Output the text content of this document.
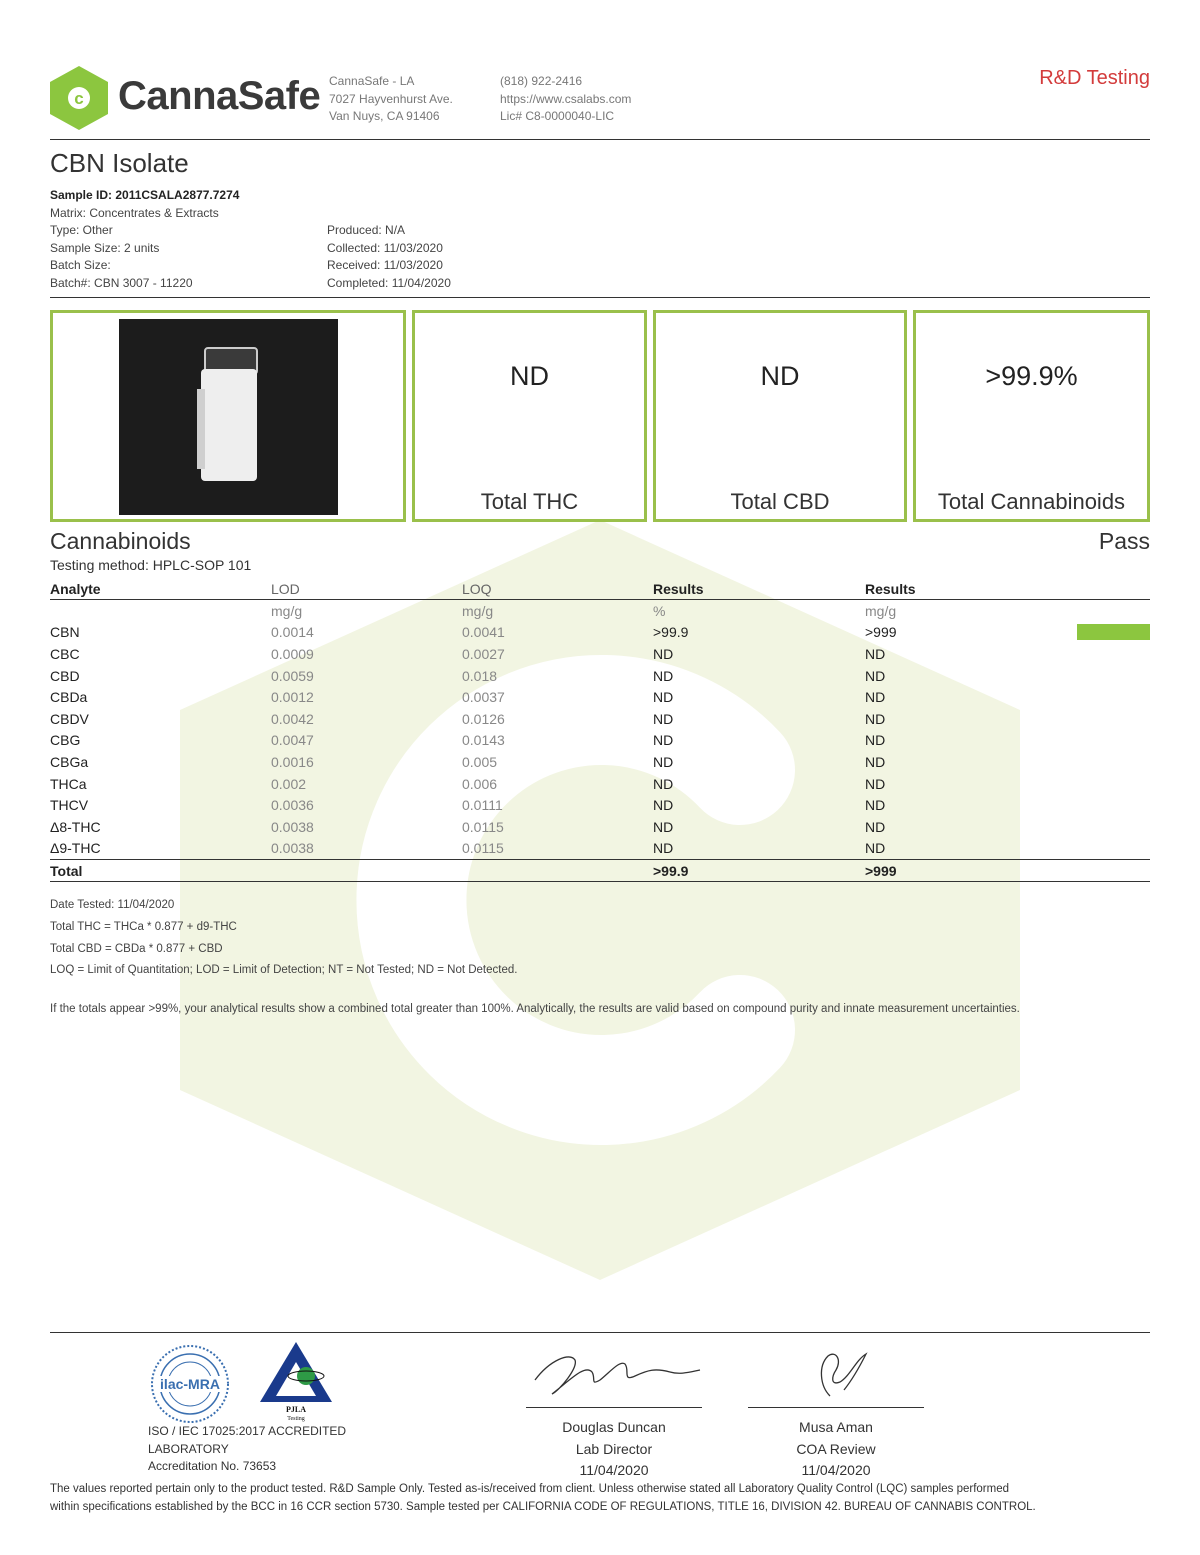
c CannaSafe CannaSafe - LA
7027 Hayvenhurst Ave.
Van Nuys, CA 91406
(818) 922-2416
https://www.csalabs.com
Lic# C8-0000040-LIC
R&D Testing
CBN Isolate
Sample ID: 2011CSALA2877.7274
Matrix: Concentrates & Extracts
Type: Other
Sample Size: 2 units
Batch Size:
Batch#: CBN 3007 - 11220
Produced: N/A
Collected: 11/03/2020
Received: 11/03/2020
Completed: 11/04/2020
ND
Total THC
ND
Total CBD
>99.9%
Total Cannabinoids
Cannabinoids	Pass
Testing method: HPLC-SOP 101
Analyte	LOD	LOQ	Results	Results	
	mg/g	mg/g	%	mg/g	
CBN	0.0014	0.0041	>99.9	>999	

CBC	0.0009	0.0027	ND	ND	
CBD	0.0059	0.018	ND	ND	
CBDa	0.0012	0.0037	ND	ND	
CBDV	0.0042	0.0126	ND	ND	
CBG	0.0047	0.0143	ND	ND	
CBGa	0.0016	0.005	ND	ND	
THCa	0.002	0.006	ND	ND	
THCV	0.0036	0.0111	ND	ND	
Δ8-THC	0.0038	0.0115	ND	ND	
Δ9-THC	0.0038	0.0115	ND	ND	
Total			>99.9	>999	
Date Tested: 11/04/2020
Total THC = THCa * 0.877 + d9-THC
Total CBD = CBDa * 0.877 + CBD
LOQ = Limit of Quantitation; LOD = Limit of Detection; NT = Not Tested; ND = Not Detected.
If the totals appear >99%, your analytical results show a combined total greater than 100%. Analytically, the results are valid based on compound purity and innate measurement uncertainties.
ilac-MRA
PJLA
Testing
ISO / IEC 17025:2017 ACCREDITED
LABORATORY
Accreditation No. 73653
Douglas Duncan
Lab Director
11/04/2020
Musa Aman
COA Review
11/04/2020
The values reported pertain only to the product tested. R&D Sample Only. Tested as-is/received from client. Unless otherwise stated all Laboratory Quality Control (LQC) samples performed
within specifications established by the BCC in 16 CCR section 5730. Sample tested per CALIFORNIA CODE OF REGULATIONS, TITLE 16, DIVISION 42. BUREAU OF CANNABIS CONTROL.
